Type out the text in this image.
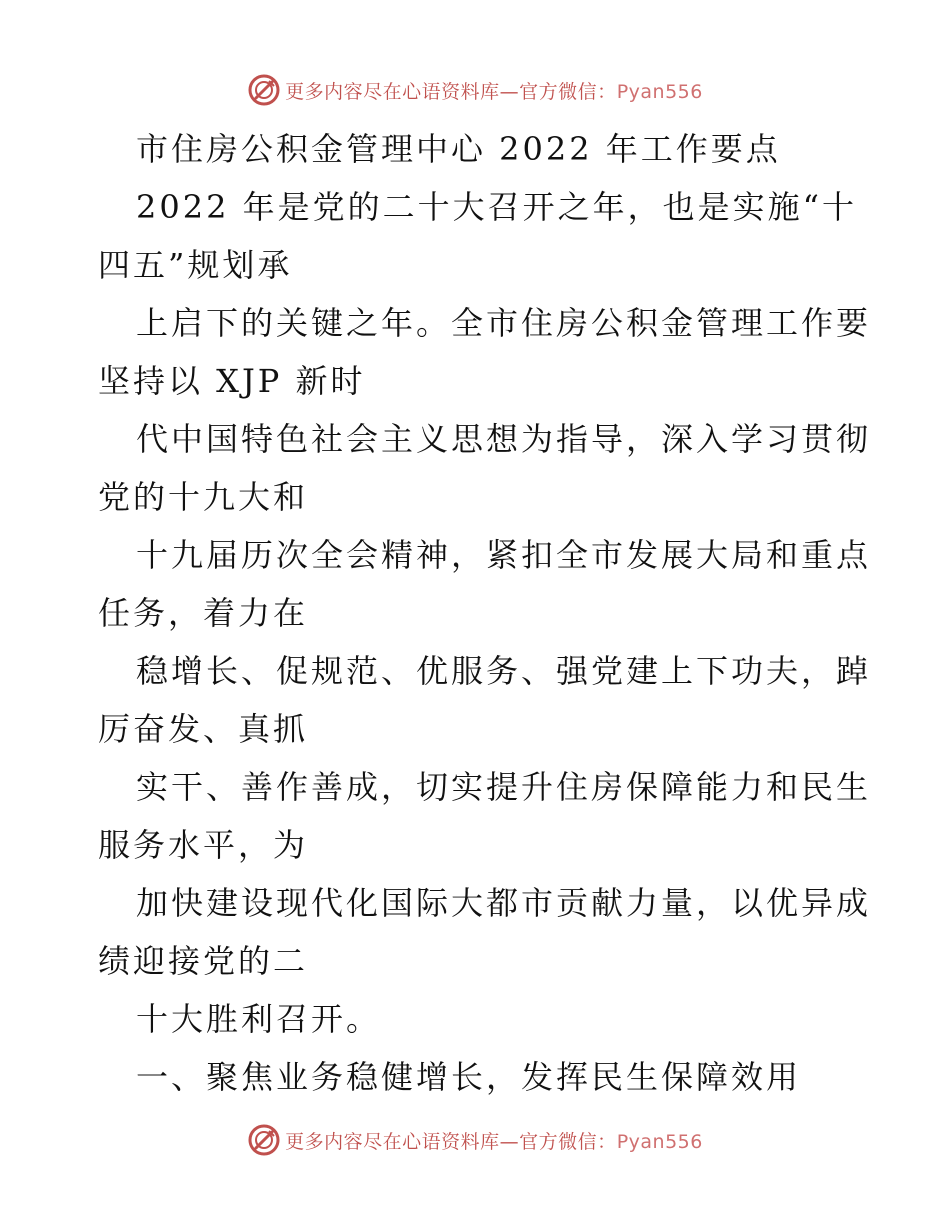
更多内容尽在心语资料库—官方微信：Pyan556
市住房公积金管理中心 2022 年工作要点
2022 年是党的二十大召开之年，也是实施“十
四五”规划承
上启下的关键之年。全市住房公积金管理工作要
坚持以 XJP 新时
代中国特色社会主义思想为指导，深入学习贯彻
党的十九大和
十九届历次全会精神，紧扣全市发展大局和重点
任务，着力在
稳增长、促规范、优服务、强党建上下功夫，踔
厉奋发、真抓
实干、善作善成，切实提升住房保障能力和民生
服务水平，为
加快建设现代化国际大都市贡献力量，以优异成
绩迎接党的二
十大胜利召开。
一、聚焦业务稳健增长，发挥民生保障效用
更多内容尽在心语资料库—官方微信：Pyan556
